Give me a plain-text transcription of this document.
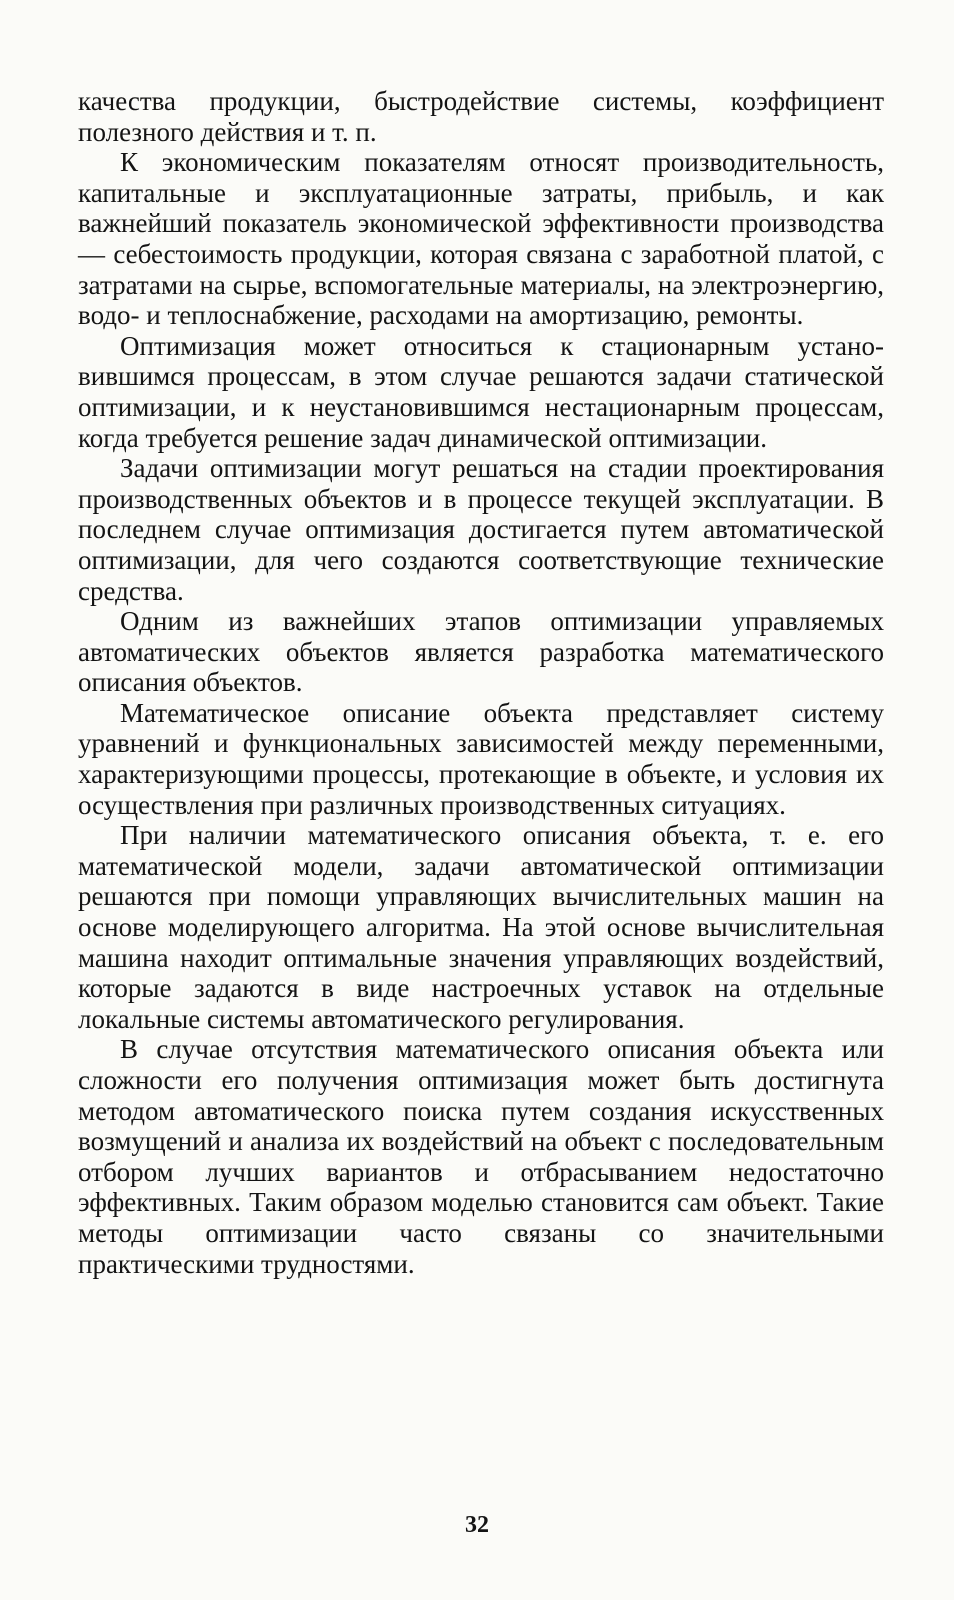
качества продукции, быстродействие системы, коэффициент полезного действия и т. п.

К экономическим показателям относят производительность, капитальные и эксплуатационные затраты, прибыль, и как важнейший показатель экономической эффективности производства — себестоимость продукции, которая связана с заработной платой, с затратами на сырье, вспомогательные материалы, на электроэнергию, водо- и теплоснабжение, расходами на амортизацию, ремонты.

Оптимизация может относиться к стационарным установившимся процессам, в этом случае решаются задачи статической оптимизации, и к неустановившимся нестационарным процессам, когда требуется решение задач динамической оптимизации.

Задачи оптимизации могут решаться на стадии проектирования производственных объектов и в процессе текущей эксплуатации. В последнем случае оптимизация достигается путем автоматической оптимизации, для чего создаются соответствующие технические средства.

Одним из важнейших этапов оптимизации управляемых автоматических объектов является разработка математического описания объектов.

Математическое описание объекта представляет систему уравнений и функциональных зависимостей между переменными, характеризующими процессы, протекающие в объекте, и условия их осуществления при различных производственных ситуациях.

При наличии математического описания объекта, т. е. его математической модели, задачи автоматической оптимизации решаются при помощи управляющих вычислительных машин на основе моделирующего алгоритма. На этой основе вычислительная машина находит оптимальные значения управляющих воздействий, которые задаются в виде настроечных уставок на отдельные локальные системы автоматического регулирования.

В случае отсутствия математического описания объекта или сложности его получения оптимизация может быть достигнута методом автоматического поиска путем создания искусственных возмущений и анализа их воздействий на объект с последовательным отбором лучших вариантов и отбрасыванием недостаточно эффективных. Таким образом моделью становится сам объект. Такие методы оптимизации часто связаны со значительными практическими трудностями.

32
